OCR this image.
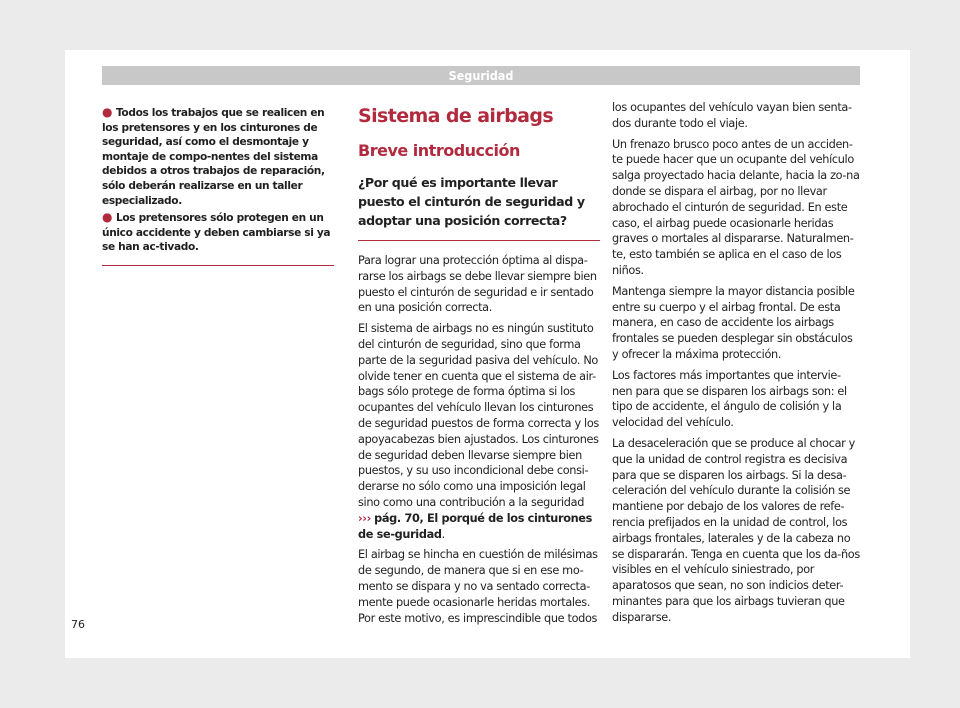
Seguridad
● Todos los trabajos que se realicen en los pretensores y en los cinturones de seguridad, así como el desmontaje y montaje de compo-nentes del sistema debidos a otros trabajos de reparación, sólo deberán realizarse en un taller especializado.
● Los pretensores sólo protegen en un único accidente y deben cambiarse si ya se han ac-tivado.
Sistema de airbags
Breve introducción
¿Por qué es importante llevar puesto el cinturón de seguridad y adoptar una posición correcta?

Para lograr una protección óptima al dispa-rarse los airbags se debe llevar siempre bien puesto el cinturón de seguridad e ir sentado en una posición correcta.

El sistema de airbags no es ningún sustituto del cinturón de seguridad, sino que forma parte de la seguridad pasiva del vehículo. No olvide tener en cuenta que el sistema de air-bags sólo protege de forma óptima si los ocupantes del vehículo llevan los cinturones de seguridad puestos de forma correcta y los apoyacabezas bien ajustados. Los cinturones de seguridad deben llevarse siempre bien puestos, y su uso incondicional debe consi-derarse no sólo como una imposición legal sino como una contribución a la seguridad ››› pág. 70, El porqué de los cinturones de se-guridad.

El airbag se hincha en cuestión de milésimas de segundo, de manera que si en ese mo-mento se dispara y no va sentado correcta-mente puede ocasionarle heridas mortales. Por este motivo, es imprescindible que todos

los ocupantes del vehículo vayan bien senta-dos durante todo el viaje.

Un frenazo brusco poco antes de un acciden-te puede hacer que un ocupante del vehículo salga proyectado hacia delante, hacia la zo-na donde se dispara el airbag, por no llevar abrochado el cinturón de seguridad. En este caso, el airbag puede ocasionarle heridas graves o mortales al dispararse. Naturalmen-te, esto también se aplica en el caso de los niños.

Mantenga siempre la mayor distancia posible entre su cuerpo y el airbag frontal. De esta manera, en caso de accidente los airbags frontales se pueden desplegar sin obstáculos y ofrecer la máxima protección.

Los factores más importantes que intervie-nen para que se disparen los airbags son: el tipo de accidente, el ángulo de colisión y la velocidad del vehículo.

La desaceleración que se produce al chocar y que la unidad de control registra es decisiva para que se disparen los airbags. Si la desa-celeración del vehículo durante la colisión se mantiene por debajo de los valores de refe-rencia prefijados en la unidad de control, los airbags frontales, laterales y de la cabeza no se dispararán. Tenga en cuenta que los da-ños visibles en el vehículo siniestrado, por aparatosos que sean, no son indicios deter-minantes para que los airbags tuvieran que dispararse.

76
